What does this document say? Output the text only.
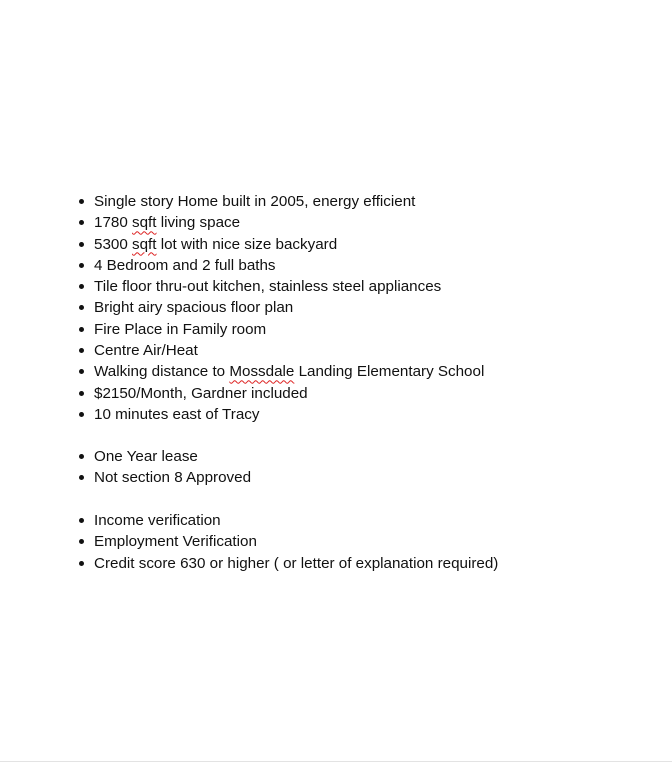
Single story Home built in 2005, energy efficient
1780 sqft living space
5300 sqft lot with nice size backyard
4 Bedroom and 2 full baths
Tile floor thru-out kitchen, stainless steel appliances
Bright airy spacious floor plan
Fire Place in Family room
Centre Air/Heat
Walking distance to Mossdale Landing Elementary School
$2150/Month, Gardner included
10 minutes east of Tracy
One Year lease
Not section 8 Approved
Income verification
Employment Verification
Credit score 630 or higher ( or letter of explanation required)
